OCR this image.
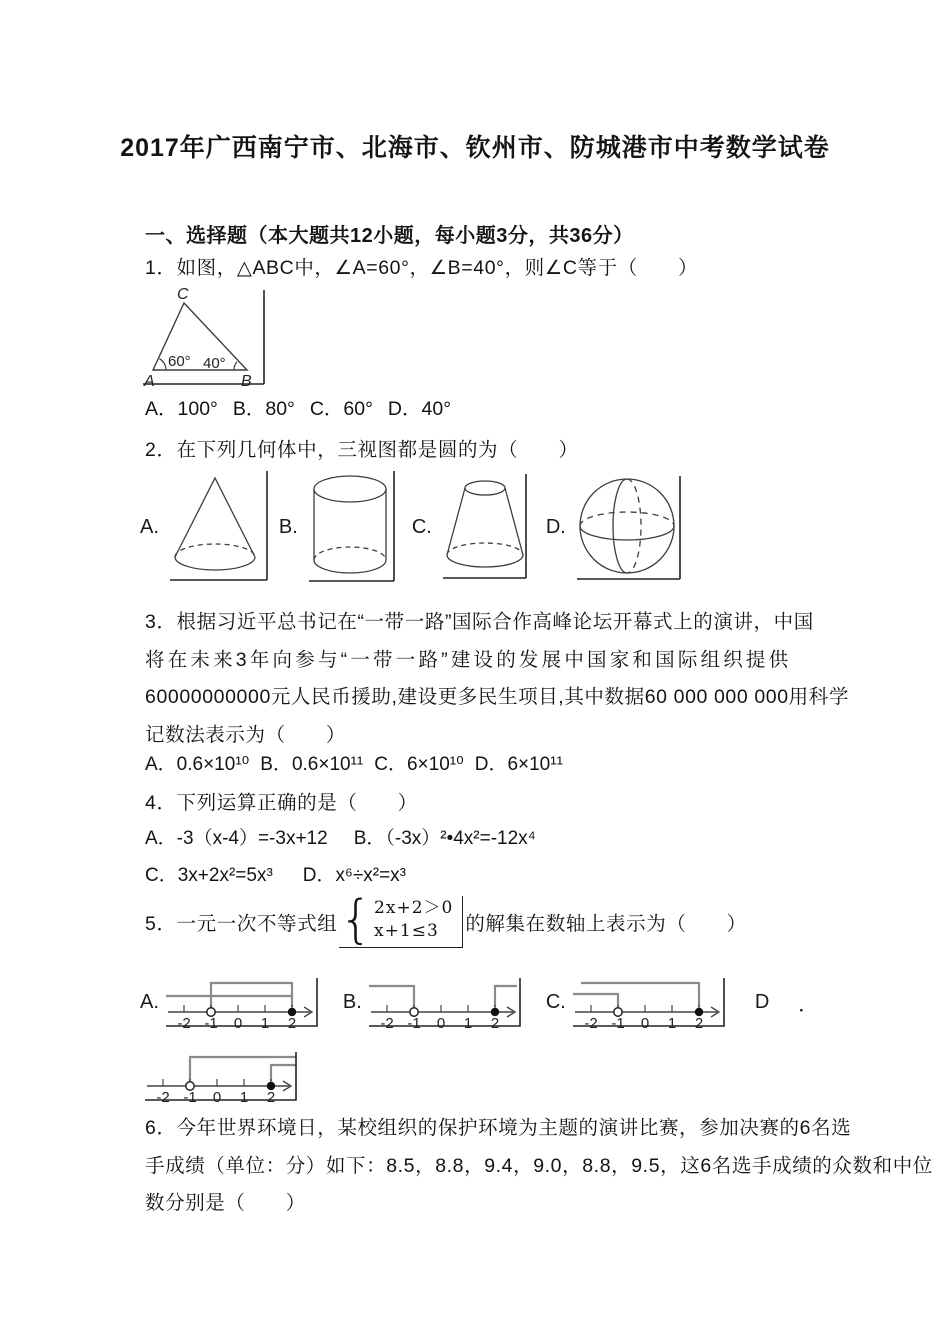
2017年广西南宁市、北海市、钦州市、防城港市中考数学试卷
一、选择题（本大题共12小题，每小题3分，共36分）
1．如图，△ABC中，∠A=60°，∠B=40°，则∠C等于（　　）
C
A	B
60° 40°
A．100° B．80° C．60° D．40°
2．在下列几何体中，三视图都是圆的为（　　）
A.	B.	C.	D.
3．根据习近平总书记在“一带一路”国际合作高峰论坛开幕式上的演讲，中国
将在未来3年向参与“一带一路”建设的发展中国家和国际组织提供
60000000000元人民币援助,建设更多民生项目,其中数据60 000 000 000用科学
记数法表示为（　　）
A．0.6×10¹⁰ B．0.6×10¹¹ C．6×10¹⁰ D．6×10¹¹
4．下列运算正确的是（　　）
A．-3（x-4）=-3x+12 B．（-3x）²•4x²=-12x⁴
C．3x+2x²=5x³ D．x⁶÷x²=x³
5．一元一次不等式组 { 2x+2＞0
x+1≤3	的解集在数轴上表示为（　　）
A.
-2 -1 0 1 2
B.
-2 -1 0 1 2
C.
-2 -1 0 1 2
D ．
-2 -1 0 1 2
6．今年世界环境日，某校组织的保护环境为主题的演讲比赛，参加决赛的6名选
手成绩（单位：分）如下：8.5，8.8，9.4，9.0，8.8，9.5，这6名选手成绩的众数和中位
数分别是（　　）
